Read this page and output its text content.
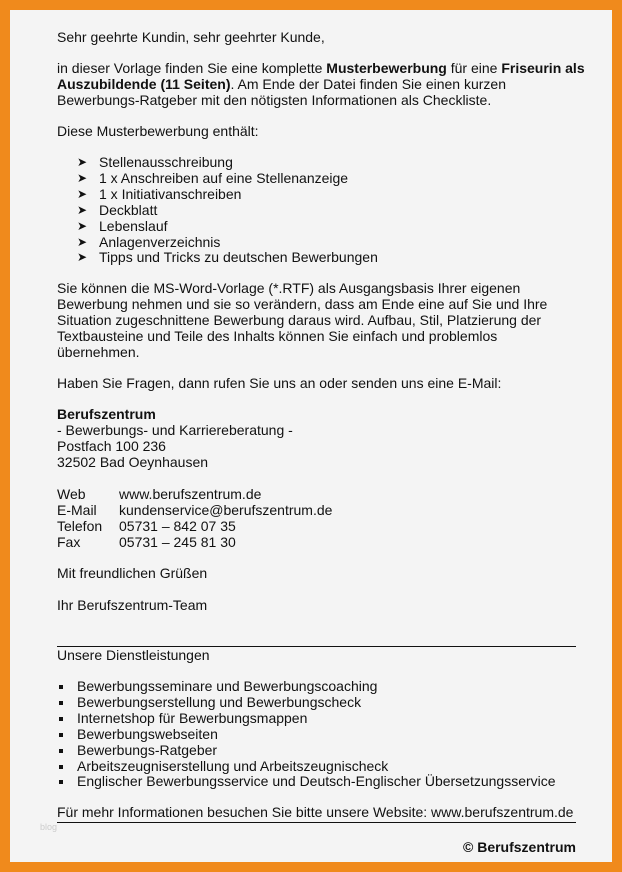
Sehr geehrte Kundin, sehr geehrter Kunde,
in dieser Vorlage finden Sie eine komplette Musterbewerbung für eine Friseurin als Auszubildende (11 Seiten). Am Ende der Datei finden Sie einen kurzen Bewerbungs-Ratgeber mit den nötigsten Informationen als Checkliste.
Diese Musterbewerbung enthält:
➤ Stellenausschreibung
➤ 1 x Anschreiben auf eine Stellenanzeige
➤ 1 x Initiativanschreiben
➤ Deckblatt
➤ Lebenslauf
➤ Anlagenverzeichnis
➤ Tipps und Tricks zu deutschen Bewerbungen
Sie können die MS-Word-Vorlage (*.RTF) als Ausgangsbasis Ihrer eigenen Bewerbung nehmen und sie so verändern, dass am Ende eine auf Sie und Ihre Situation zugeschnittene Bewerbung daraus wird. Aufbau, Stil, Platzierung der Textbausteine und Teile des Inhalts können Sie einfach und problemlos übernehmen.
Haben Sie Fragen, dann rufen Sie uns an oder senden uns eine E-Mail:
Berufszentrum
- Bewerbungs- und Karriereberatung -
Postfach 100 236
32502 Bad Oeynhausen
Web	www.berufszentrum.de
E-Mail	kundenservice@berufszentrum.de
Telefon	05731 – 842 07 35
Fax	05731 – 245 81 30
Mit freundlichen Grüßen
Ihr Berufszentrum-Team
Unsere Dienstleistungen
Bewerbungsseminare und Bewerbungscoaching
Bewerbungserstellung und Bewerbungscheck
Internetshop für Bewerbungsmappen
Bewerbungswebseiten
Bewerbungs-Ratgeber
Arbeitszeugniserstellung und Arbeitszeugnischeck
Englischer Bewerbungsservice und Deutsch-Englischer Übersetzungsservice
Für mehr Informationen besuchen Sie bitte unsere Website: www.berufszentrum.de
blog
© Berufszentrum
